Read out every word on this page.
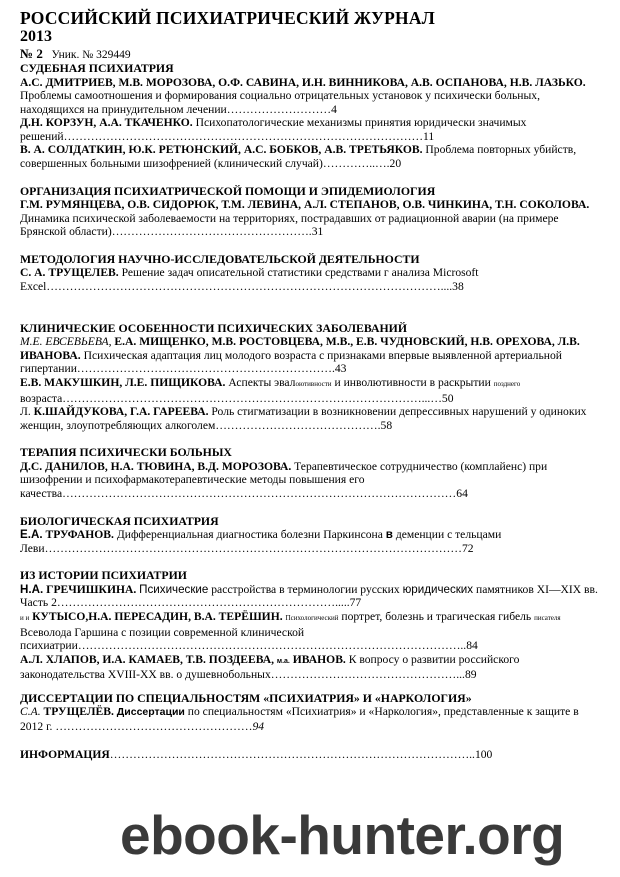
РОССИЙСКИЙ ПСИХИАТРИЧЕСКИЙ ЖУРНАЛ
2013
№ 2 Уник. № 329449
СУДЕБНАЯ ПСИХИАТРИЯ
А.С. ДМИТРИЕВ, М.В. МОРОЗОВА, О.Ф. САВИНА, И.Н. ВИННИКОВА, А.В. ОСПАНОВА, Н.В. ЛАЗЬКО. Проблемы самоотношения и формирования социально отрицательных установок у психически больных, находящихся на принудительном лечении………………………4
Д.Н. КОРЗУН, А.А. ТКАЧЕНКО. Психопатологические механизмы принятия юридически значимых решений…………………………………………………………………………………11
В. А. СОЛДАТКИН, Ю.К. РЕТЮНСКИЙ, А.С. БОБКОВ, А.В. ТРЕТЬЯКОВ. Проблема повторных убийств, совершенных больными шизофренией (клинический случай)…………..….20
ОРГАНИЗАЦИЯ ПСИХИАТРИЧЕСКОЙ ПОМОЩИ И ЭПИДЕМИОЛОГИЯ
Г.М. РУМЯНЦЕВА, О.В. СИДОРЮК, Т.М. ЛЕВИНА, А.Л. СТЕПАНОВ, О.В. ЧИНКИНА, Т.Н. СОКОЛОВА. Динамика психической заболеваемости на территориях, пострадавших от радиационной аварии (на примере Брянской области)…………………………………………….31
МЕТОДОЛОГИЯ НАУЧНО-ИССЛЕДОВАТЕЛЬСКОЙ ДЕЯТЕЛЬНОСТИ
С. А. ТРУЩЕЛЕВ. Решение задач описательной статистики средствами г анализа Microsoft Excel…………………………………………………………………………………………....38
КЛИНИЧЕСКИЕ ОСОБЕННОСТИ ПСИХИЧЕСКИХ ЗАБОЛЕВАНИЙ
М.Е. ЕВСЕВЬЕВА, Е.А. МИЩЕНКО, М.В. РОСТОВЦЕВА, М.В., Е.В. ЧУДНОВСКИЙ, Н.В. ОРЕХОВА, Л.В. ИВАНОВА. Психическая адаптация лиц молодого возраста с признаками впервые выявленной артериальной гипертании………………………………………………………….43
Е.В. МАКУШКИН, Л.Е. ПИЩИКОВА. Аспекты эвалоютивности и инволютивности в раскрытии позднего возраста…………………………………………………………………………………...…50
Л. К.ШАЙДУКОВА, Г.А. ГАРЕЕВА. Роль стигматизации в возникновении депрессивных нарушений у одиноких женщин, злоупотребляющих алкоголем…………………………………….58
ТЕРАПИЯ ПСИХИЧЕСКИ БОЛЬНЫХ
Д.С. ДАНИЛОВ, Н.А. ТЮВИНА, В.Д. МОРОЗОВА. Терапевтическое сотрудничество (комплайенс) при шизофрении и психофармакотерапевтические методы повышения его качества…………………………………………………………………………………………64
БИОЛОГИЧЕСКАЯ ПСИХИАТРИЯ
Е.А. ТРУФАНОВ. Дифференциальная диагностика болезни Паркинсона в деменции с тельцами Леви………………………………………………………………………………………………72
ИЗ ИСТОРИИ ПСИХИАТРИИ
Н.А. ГРЕЧИШКИНА. Психические расстройства в терминологии русских юридических памятников XI—XIX вв. Часть 2……………………………………………………………….....77
и и КУТЫСО,Н.А. ПЕРЕСАДИН, В.А. ТЕРЁШИН. Психологический портрет, болезнь и трагическая гибель писателя Всеволода Гаршина с позиции современной клинической психиатрии………………………………………………………………………………………..84
А.Л. ХЛАПОВ, И.А. КАМАЕВ, Т.В. ПОЗДЕЕВА, м.а. ИВАНОВ. К вопросу о развитии российского законодательства XVIII-XX вв. о душевнобольных…………………………………………...89
ДИССЕРТАЦИИ ПО СПЕЦИАЛЬНОСТЯМ «ПСИХИАТРИЯ» И «НАРКОЛОГИЯ»
С.А. ТРУЩЕЛЁВ. Диссертации по специальностям «Психиатрия» и «Наркология», представленные к защите в 2012 г. ……………………………………………94
ИНФОРМАЦИЯ…………………………………………………………………………………..100
ebook-hunter.org
